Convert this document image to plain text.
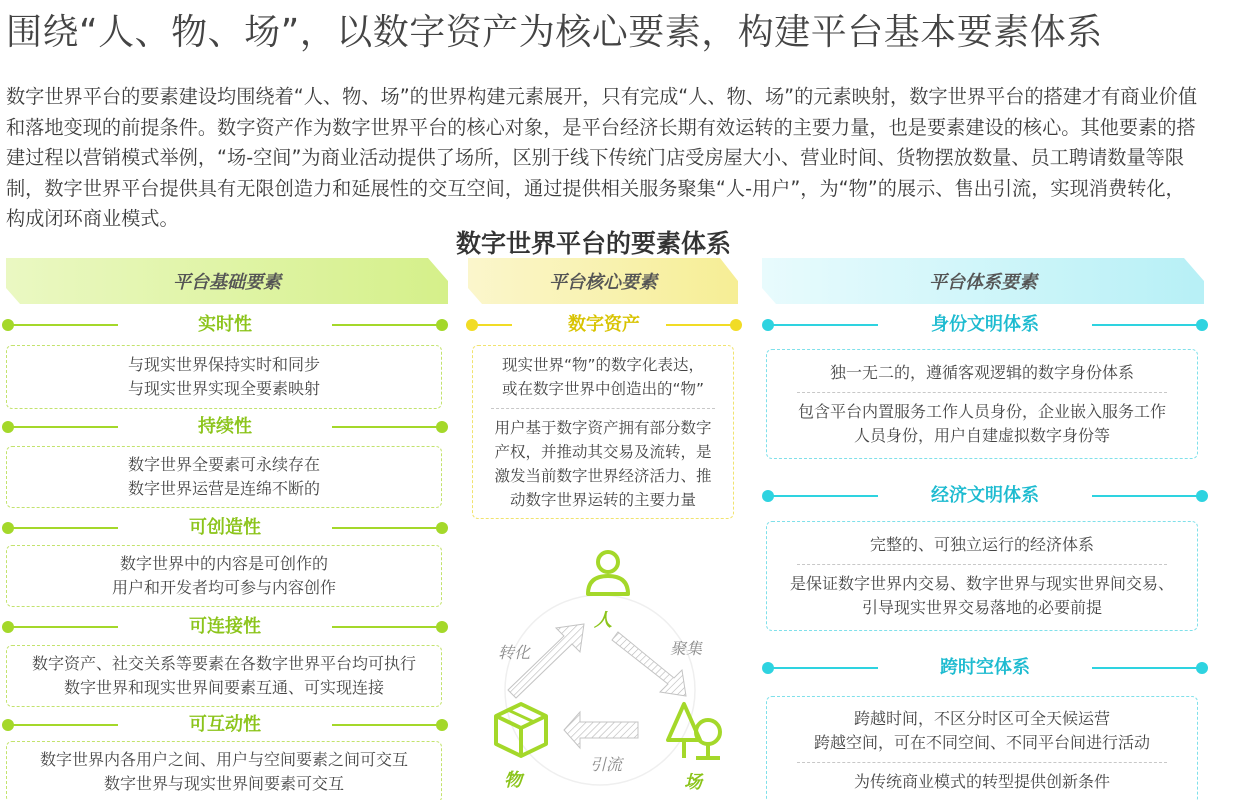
围绕“人、物、场”，以数字资产为核心要素，构建平台基本要素体系
数字世界平台的要素建设均围绕着“人、物、场”的世界构建元素展开，只有完成“人、物、场”的元素映射，数字世界平台的搭建才有商业价值和落地变现的前提条件。数字资产作为数字世界平台的核心对象，是平台经济长期有效运转的主要力量，也是要素建设的核心。其他要素的搭建过程以营销模式举例，“场-空间”为商业活动提供了场所，区别于线下传统门店受房屋大小、营业时间、货物摆放数量、员工聘请数量等限制，数字世界平台提供具有无限创造力和延展性的交互空间，通过提供相关服务聚集“人-用户”，为“物”的展示、售出引流，实现消费转化，构成闭环商业模式。
数字世界平台的要素体系
平台基础要素	平台核心要素	平台体系要素
实时性
与现实世界保持实时和同步
与现实世界实现全要素映射
持续性
数字世界全要素可永续存在
数字世界运营是连绵不断的
可创造性
数字世界中的内容是可创作的
用户和开发者均可参与内容创作
可连接性
数字资产、社交关系等要素在各数字世界平台均可执行
数字世界和现实世界间要素互通、可实现连接
可互动性
数字世界内各用户之间、用户与空间要素之间可交互
数字世界与现实世界间要素可交互
数字资产
现实世界“物”的数字化表达，
或在数字世界中创造出的“物”
用户基于数字资产拥有部分数字
产权，并推动其交易及流转，是
激发当前数字世界经济活力、推
动数字世界运转的主要力量
人
物	场
转化	聚集
引流
身份文明体系
独一无二的，遵循客观逻辑的数字身份体系
包含平台内置服务工作人员身份，企业嵌入服务工作
人员身份，用户自建虚拟数字身份等
经济文明体系
完整的、可独立运行的经济体系
是保证数字世界内交易、数字世界与现实世界间交易、
引导现实世界交易落地的必要前提
跨时空体系
跨越时间，不区分时区可全天候运营
跨越空间，可在不同空间、不同平台间进行活动
为传统商业模式的转型提供创新条件
